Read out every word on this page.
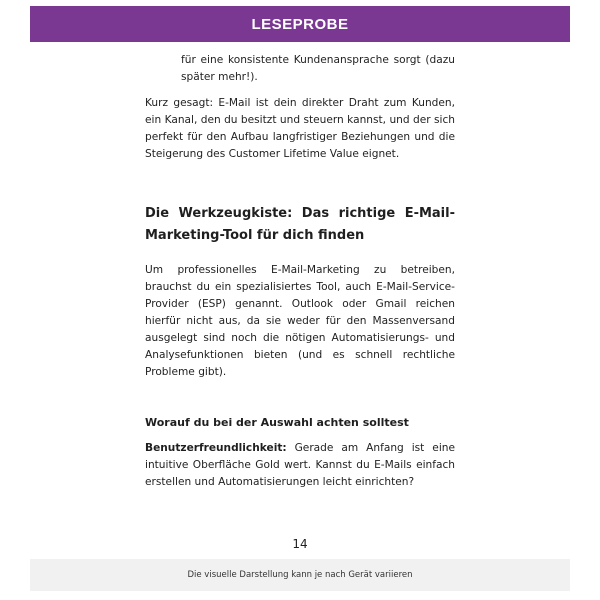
LESEPROBE

für eine konsistente Kundenansprache sorgt (dazu später mehr!).

Kurz gesagt: E-Mail ist dein direkter Draht zum Kunden, ein Kanal, den du besitzt und steuern kannst, und der sich perfekt für den Aufbau langfristiger Beziehungen und die Steigerung des Customer Lifetime Value eignet.

Die Werkzeugkiste: Das richtige E-Mail-Marketing-Tool für dich finden

Um professionelles E-Mail-Marketing zu betreiben, brauchst du ein spezialisiertes Tool, auch E-Mail-Service-Provider (ESP) genannt. Outlook oder Gmail reichen hierfür nicht aus, da sie weder für den Massenversand ausgelegt sind noch die nötigen Automatisierungs- und Analysefunktionen bieten (und es schnell rechtliche Probleme gibt).

Worauf du bei der Auswahl achten solltest

Benutzerfreundlichkeit: Gerade am Anfang ist eine intuitive Oberfläche Gold wert. Kannst du E-Mails einfach erstellen und Automatisierungen leicht einrichten?

14
Die visuelle Darstellung kann je nach Gerät variieren
